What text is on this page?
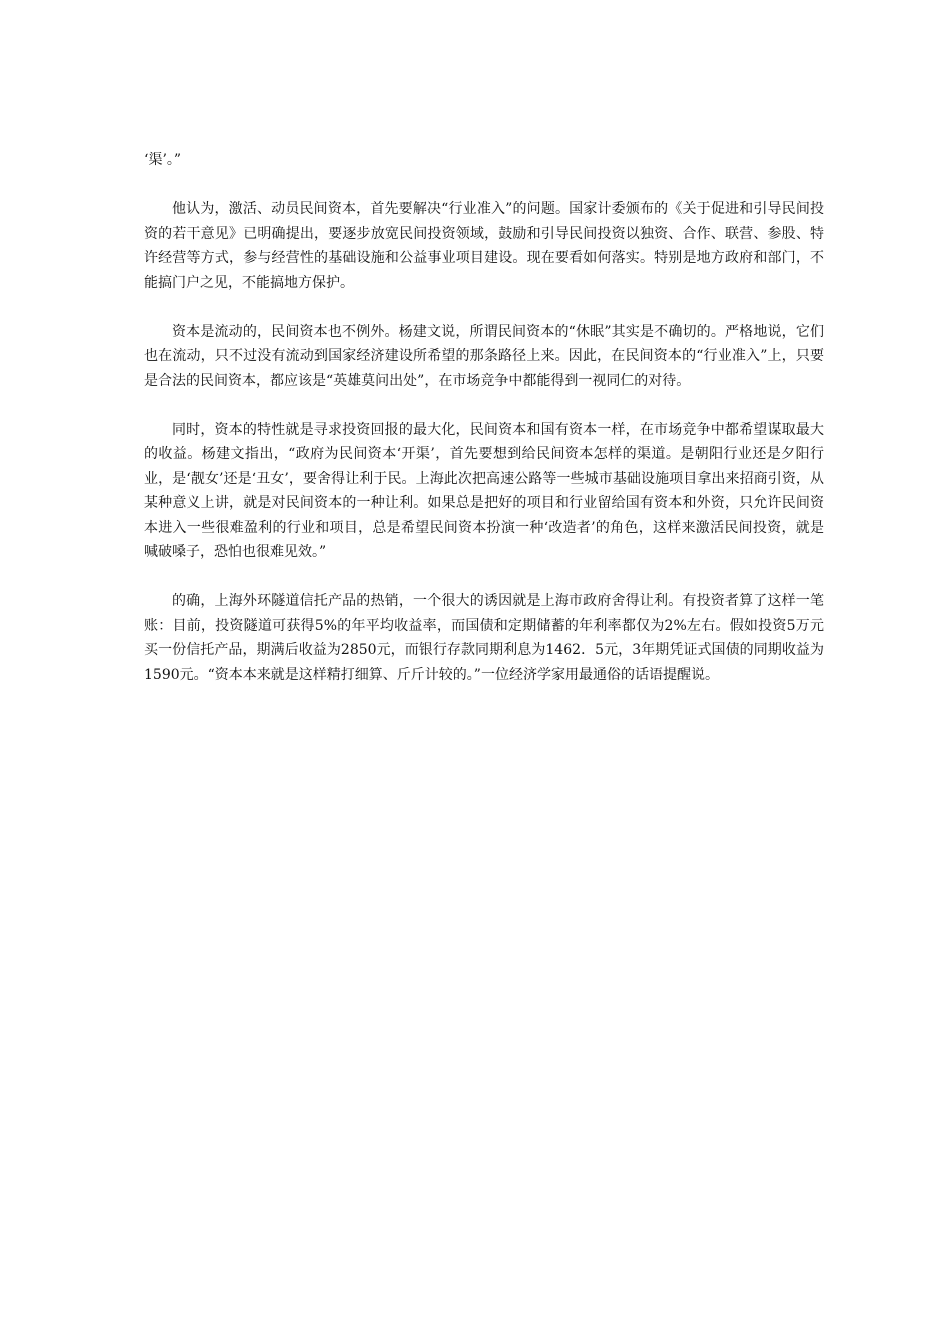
‘渠’。”

他认为，激活、动员民间资本，首先要解决“行业准入”的问题。国家计委颁布的《关于促进和引导民间投资的若干意见》已明确提出，要逐步放宽民间投资领域，鼓励和引导民间投资以独资、合作、联营、参股、特许经营等方式，参与经营性的基础设施和公益事业项目建设。现在要看如何落实。特别是地方政府和部门，不能搞门户之见，不能搞地方保护。

资本是流动的，民间资本也不例外。杨建文说，所谓民间资本的“休眠”其实是不确切的。严格地说，它们也在流动，只不过没有流动到国家经济建设所希望的那条路径上来。因此，在民间资本的“行业准入”上，只要是合法的民间资本，都应该是“英雄莫问出处”，在市场竞争中都能得到一视同仁的对待。

同时，资本的特性就是寻求投资回报的最大化，民间资本和国有资本一样，在市场竞争中都希望谋取最大的收益。杨建文指出，“政府为民间资本‘开渠’，首先要想到给民间资本怎样的渠道。是朝阳行业还是夕阳行业，是‘靓女’还是‘丑女’，要舍得让利于民。上海此次把高速公路等一些城市基础设施项目拿出来招商引资，从某种意义上讲，就是对民间资本的一种让利。如果总是把好的项目和行业留给国有资本和外资，只允许民间资本进入一些很难盈利的行业和项目，总是希望民间资本扮演一种‘改造者’的角色，这样来激活民间投资，就是喊破嗓子，恐怕也很难见效。”

的确，上海外环隧道信托产品的热销，一个很大的诱因就是上海市政府舍得让利。有投资者算了这样一笔账：目前，投资隧道可获得5%的年平均收益率，而国债和定期储蓄的年利率都仅为2%左右。假如投资5万元买一份信托产品，期满后收益为2850元，而银行存款同期利息为1462．5元，3年期凭证式国债的同期收益为1590元。“资本本来就是这样精打细算、斤斤计较的。”一位经济学家用最通俗的话语提醒说。
